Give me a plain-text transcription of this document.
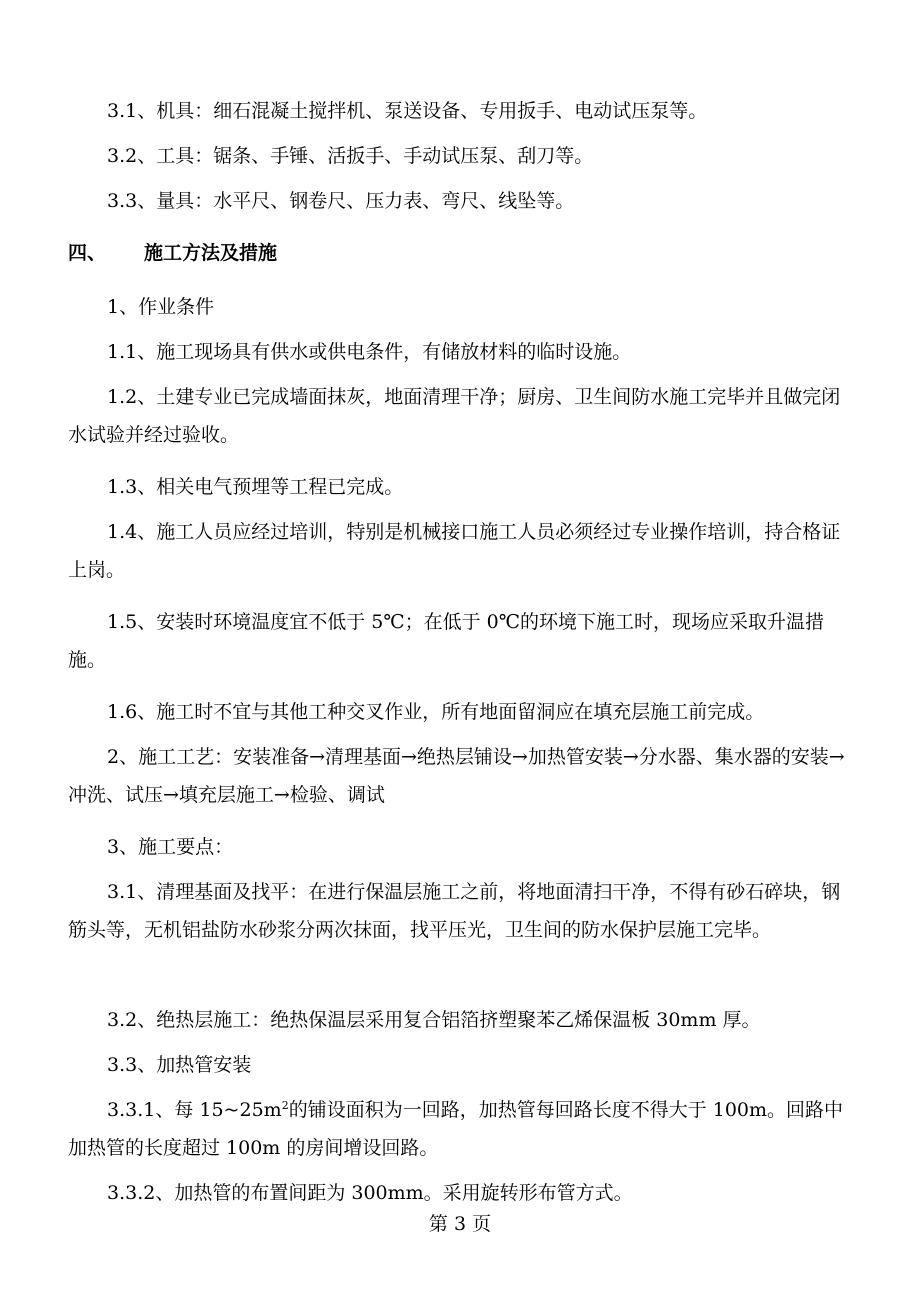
3.1、机具：细石混凝土搅拌机、泵送设备、专用扳手、电动试压泵等。

3.2、工具：锯条、手锤、活扳手、手动试压泵、刮刀等。

3.3、量具：水平尺、钢卷尺、压力表、弯尺、线坠等。

四、 施工方法及措施

1、作业条件

1.1、施工现场具有供水或供电条件，有储放材料的临时设施。

1.2、土建专业已完成墙面抹灰，地面清理干净；厨房、卫生间防水施工完毕并且做完闭水试验并经过验收。

1.3、相关电气预埋等工程已完成。

1.4、施工人员应经过培训，特别是机械接口施工人员必须经过专业操作培训，持合格证上岗。

1.5、安装时环境温度宜不低于 5℃；在低于 0℃的环境下施工时，现场应采取升温措施。

1.6、施工时不宜与其他工种交叉作业，所有地面留洞应在填充层施工前完成。

2、施工工艺：安装准备→清理基面→绝热层铺设→加热管安装→分水器、集水器的安装→冲洗、试压→填充层施工→检验、调试

3、施工要点：

3.1、清理基面及找平：在进行保温层施工之前，将地面清扫干净，不得有砂石碎块，钢筋头等，无机铝盐防水砂浆分两次抹面，找平压光，卫生间的防水保护层施工完毕。

3.2、绝热层施工：绝热保温层采用复合铝箔挤塑聚苯乙烯保温板 30mm 厚。

3.3、加热管安装

3.3.1、每 $15\sim 25m^2$的铺设面积为一回路，加热管每回路长度不得大于 100m。回路中加热管的长度超过 100m 的房间增设回路。

3.3.2、加热管的布置间距为 300mm。采用旋转形布管方式。

第 3 页
